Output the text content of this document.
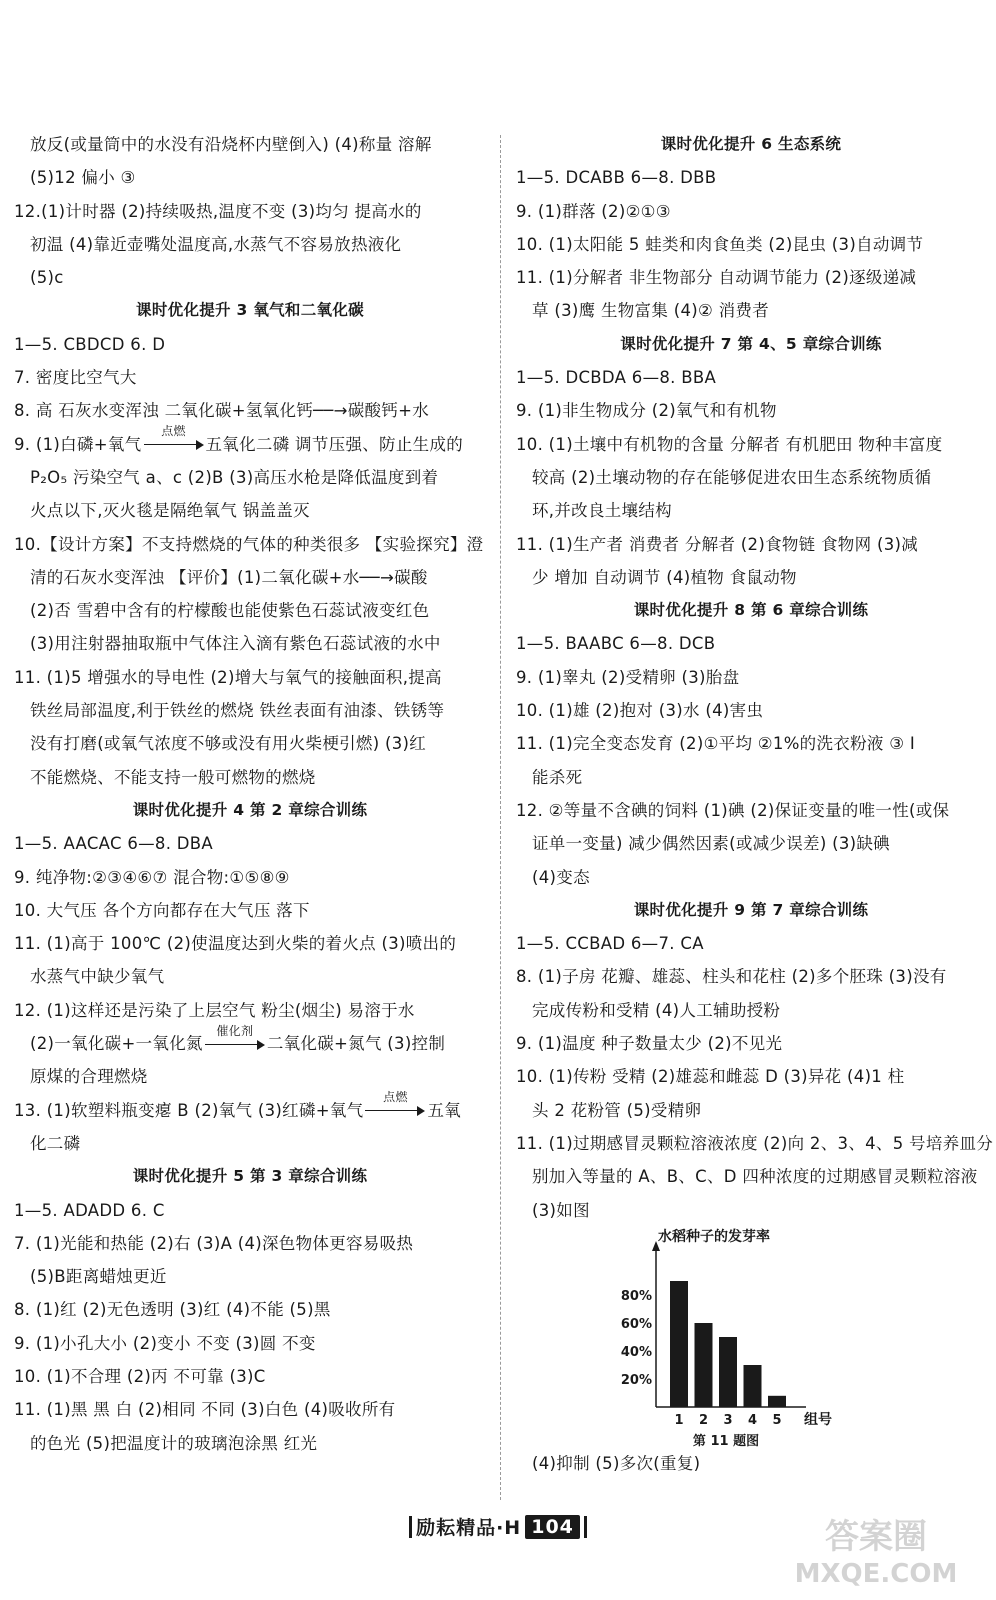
放反(或量筒中的水没有沿烧杯内壁倒入) (4)称量 溶解
(5)12 偏小 ③
12.(1)计时器 (2)持续吸热,温度不变 (3)均匀 提高水的
初温 (4)靠近壶嘴处温度高,水蒸气不容易放热液化
(5)c
课时优化提升 3 氧气和二氧化碳
1—5. CBDCD 6. D
7. 密度比空气大
8. 高 石灰水变浑浊 二氧化碳+氢氧化钙──→碳酸钙+水
9. (1)白磷+氧气
点燃
五氧化二磷 调节压强、防止生成的
P₂O₅ 污染空气 a、c (2)B (3)高压水枪是降低温度到着
火点以下,灭火毯是隔绝氧气 锅盖盖灭
10.【设计方案】不支持燃烧的气体的种类很多 【实验探究】澄
清的石灰水变浑浊 【评价】(1)二氧化碳+水──→碳酸
(2)否 雪碧中含有的柠檬酸也能使紫色石蕊试液变红色
(3)用注射器抽取瓶中气体注入滴有紫色石蕊试液的水中
11. (1)5 增强水的导电性 (2)增大与氧气的接触面积,提高
铁丝局部温度,利于铁丝的燃烧 铁丝表面有油漆、铁锈等
没有打磨(或氧气浓度不够或没有用火柴梗引燃) (3)红
不能燃烧、不能支持一般可燃物的燃烧
课时优化提升 4 第 2 章综合训练
1—5. AACAC 6—8. DBA
9. 纯净物:②③④⑥⑦ 混合物:①⑤⑧⑨
10. 大气压 各个方向都存在大气压 落下
11. (1)高于 100℃ (2)使温度达到火柴的着火点 (3)喷出的
水蒸气中缺少氧气
12. (1)这样还是污染了上层空气 粉尘(烟尘) 易溶于水
(2)一氧化碳+一氧化氮
催化剂
二氧化碳+氮气 (3)控制
原煤的合理燃烧
13. (1)软塑料瓶变瘪 B (2)氧气 (3)红磷+氧气
点燃
五氧
化二磷
课时优化提升 5 第 3 章综合训练
1—5. ADADD 6. C
7. (1)光能和热能 (2)右 (3)A (4)深色物体更容易吸热
(5)B距离蜡烛更近
8. (1)红 (2)无色透明 (3)红 (4)不能 (5)黑
9. (1)小孔大小 (2)变小 不变 (3)圆 不变
10. (1)不合理 (2)丙 不可靠 (3)C
11. (1)黑 黑 白 (2)相同 不同 (3)白色 (4)吸收所有
的色光 (5)把温度计的玻璃泡涂黑 红光
课时优化提升 6 生态系统
1—5. DCABB 6—8. DBB
9. (1)群落 (2)②①③
10. (1)太阳能 5 蛙类和肉食鱼类 (2)昆虫 (3)自动调节
11. (1)分解者 非生物部分 自动调节能力 (2)逐级递减
草 (3)鹰 生物富集 (4)② 消费者
课时优化提升 7 第 4、5 章综合训练
1—5. DCBDA 6—8. BBA
9. (1)非生物成分 (2)氧气和有机物
10. (1)土壤中有机物的含量 分解者 有机肥田 物种丰富度
较高 (2)土壤动物的存在能够促进农田生态系统物质循
环,并改良土壤结构
11. (1)生产者 消费者 分解者 (2)食物链 食物网 (3)减
少 增加 自动调节 (4)植物 食鼠动物
课时优化提升 8 第 6 章综合训练
1—5. BAABC 6—8. DCB
9. (1)睾丸 (2)受精卵 (3)胎盘
10. (1)雄 (2)抱对 (3)水 (4)害虫
11. (1)完全变态发育 (2)①平均 ②1%的洗衣粉液 ③ I
能杀死
12. ②等量不含碘的饲料 (1)碘 (2)保证变量的唯一性(或保
证单一变量) 减少偶然因素(或减少误差) (3)缺碘
(4)变态
课时优化提升 9 第 7 章综合训练
1—5. CCBAD 6—7. CA
8. (1)子房 花瓣、雄蕊、柱头和花柱 (2)多个胚珠 (3)没有
完成传粉和受精 (4)人工辅助授粉
9. (1)温度 种子数量太少 (2)不见光
10. (1)传粉 受精 (2)雄蕊和雌蕊 D (3)异花 (4)1 柱
头 2 花粉管 (5)受精卵
11. (1)过期感冒灵颗粒溶液浓度 (2)向 2、3、4、5 号培养皿分
别加入等量的 A、B、C、D 四种浓度的过期感冒灵颗粒溶液
(3)如图
水稻种子的发芽率
80%
60%
40%
20%
1 2 3 4 5 组号
第 11 题图
(4)抑制 (5)多次(重复)
励耘精品·H 104	答案圈
MXQE.COM
